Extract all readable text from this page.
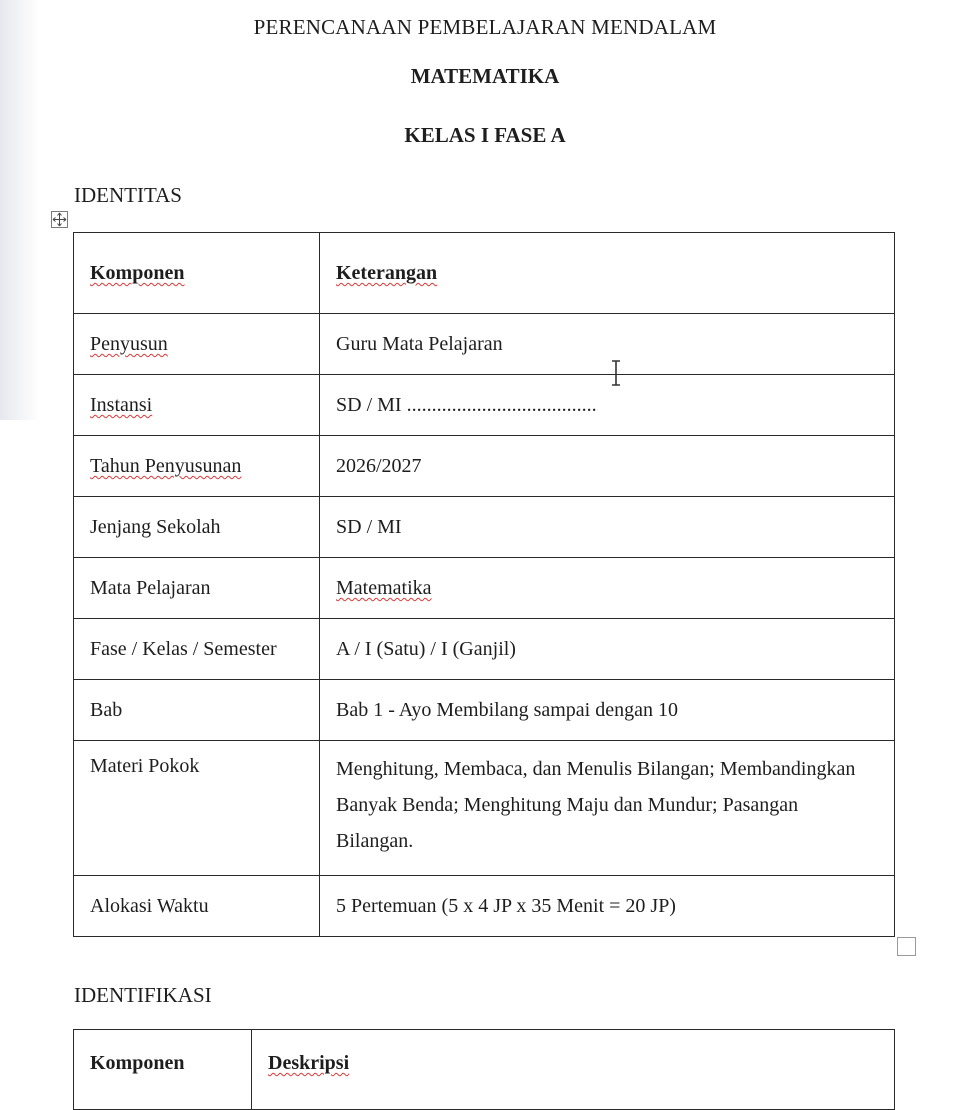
PERENCANAAN PEMBELAJARAN MENDALAM
MATEMATIKA
KELAS I FASE A
IDENTITAS
Komponen	Keterangan
Penyusun	Guru Mata Pelajaran
Instansi	SD / MI ......................................
Tahun Penyusunan	2026/2027
Jenjang Sekolah	SD / MI
Mata Pelajaran	Matematika
Fase / Kelas / Semester	A / I (Satu) / I (Ganjil)
Bab	Bab 1 - Ayo Membilang sampai dengan 10
Materi Pokok	Menghitung, Membaca, dan Menulis Bilangan; Membandingkan Banyak Benda; Menghitung Maju dan Mundur; Pasangan Bilangan.
Alokasi Waktu	5 Pertemuan (5 x 4 JP x 35 Menit = 20 JP)
IDENTIFIKASI
Komponen	Deskripsi
